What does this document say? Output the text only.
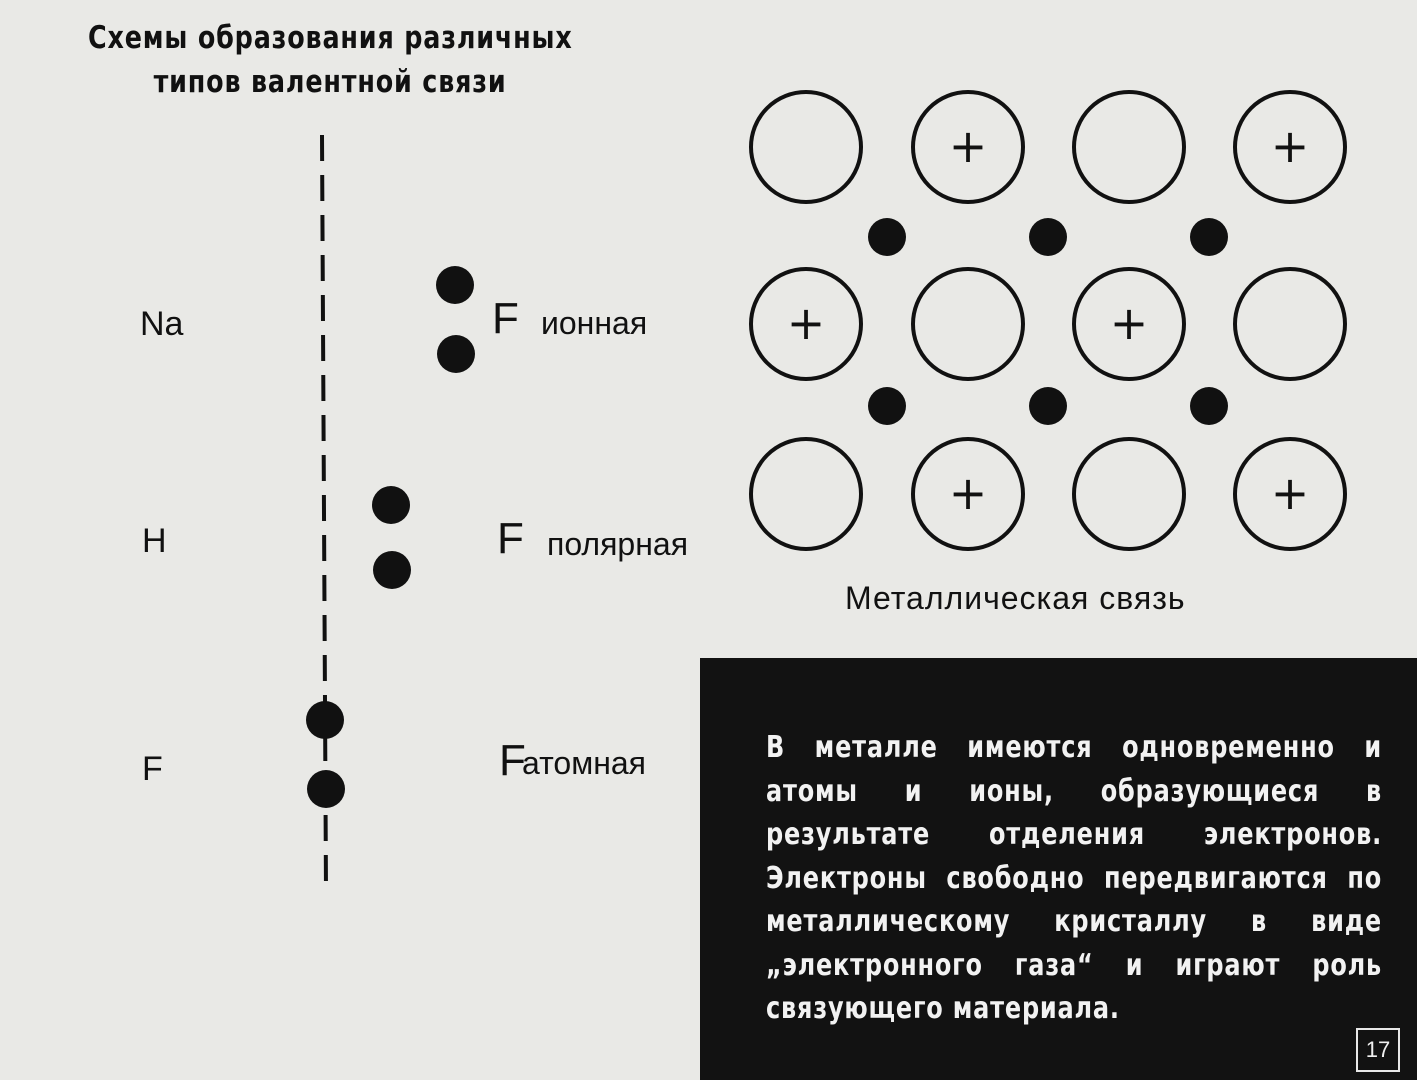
Схемы образования различных
типов валентной связи
+	+
+	+
+	+
Na	F ионная
H	F полярная
F	F
атомная
Металлическая связь
В металле имеются одновременно и атомы и ионы, образующиеся в результате отделения электронов. Электроны свободно передвигаются по металлическому кристаллу в виде „электронного газа“ и играют роль связующего материала.
17
